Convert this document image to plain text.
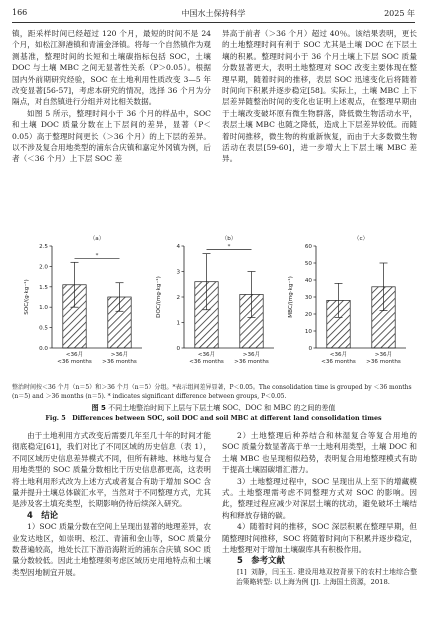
166	中国水土保持科学	2025 年

镇，距采样时间已经超过 120 个月，最短的时间不是 24 个月，如松江泖港镇和青浦金泽镇。将每一个自然镇作为观测基准，整理时间的长短和土壤碳指标包括 SOC，土壤 DOC 与土壤 MBC 之间无显著性关系（P＞0.05）。根据国内外前期研究经验，SOC 在土地利用性质改变 3—5 年改变显著[56-57]，考虑本研究的情况，选择 36 个月为分隔点，对自然镇进行分组并对比相关数据。

如图 5 所示，整理时间小于 36 个月的样品中，SOC 和土壤 DOC 质量分数在上下层间的差异，显著（P＜0.05）高于整理时间更长（＞36 个月）的上下层的差异。以不涉及复合用地类型的浦东合庆镇和嘉定外冈镇为例，后者（＜36 个月）上下层 SOC 差

异高于前者（＞36 个月）超过 40％。该结果表明，更长的土地整理时间有利于 SOC 尤其是土壤 DOC 在下层土壤的积累。整理时间小于 36 个月土壤上下层 SOC 质量分数显著更大，表明土地整理对 SOC 改变主要体现在整理早期，随着时间的推移，表层 SOC 迅速变化后将随着时间向下积累并逐步稳定[58]。实际上，土壤 MBC 上下层差异随整治时间的变化也证明上述观点，在整理早期由于土壤改变破坏原有微生物群落，降低微生物活动水平，表层土壤 MBC 也随之降低，造成上下层差异较低。而随着时间推移，微生物的构重新恢复，而由于大多数微生物活动在表层[59-60]，进一步增大上下层土壤 MBC 差异。

（a）
0.0
0.5
1.0
1.5
2.0
2.5
SOC/(g·kg⁻¹)
<36月
<36 months
>36月
>36 months
*
（b）
0
1
2
3
4
DOC/(mg·kg⁻¹)
<36月
<36 months
>36月
>36 months
*
（c）
0
10
20
30
40
50
60
MBC/(mg·kg⁻¹)
<36月
<36 months
>36月
>36 months
整治时间按＜36 个月（n＝5）和＞36 个月（n＝5）分组。*表示组间差异显著，P＜0.05。The consolidation time is grouped by ＜36 months (n＝5) and ＞36 months (n＝5). * indicates significant difference between groups, P＜0.05.
图 5 不同土地整治时间下上层与下层土壤 SOC、DOC 和 MBC 的之间的差值
Fig. 5　Differences between SOC, soil DOC and soil MBC at different land consolidation times

由于土地利用方式改变后需要几年至几十年的时间才能彻底稳定[61]，我们对比了不同区域的历史信息（表 1），不同区域历史信息差异模式不同，但所有耕地、林地与复合用地类型的 SOC 质量分数相比于历史信息都更高，这表明将土地利用形式改为上述方式或者复合有助于增加 SOC 含量并提升土壤总体碳汇水平，当然对于不同整理方式，尤其是涉及客土填充类型，长期影响仍待后续深入研究。

4　结论

1）SOC 质量分数在空间上呈现出显著的地理差异，农业发达地区，如崇明、松江、青浦和金山等，SOC 质量分数普遍较高，地处长江下游沿海附近的浦东合庆镇 SOC 质量分数较低。因此土地整理须考虑区域历史用地特点和土壤类型因地制宜开展。

2）土地整理后种养结合和林湿复合等复合用地的 SOC 质量分数显著高于单一土地利用类型，土壤 DOC 和土壤 MBC 也呈现相似趋势，表明复合用地整理模式有助于提高土壤固碳增汇潜力。

3）土地整理过程中，SOC 呈现出从上至下的增藏模式。土地整理需考虑不同整理方式对 SOC 的影响。因此，整理过程应减少对深层土壤的扰动，避免破坏土壤结构和释放存储的碳。

4）随着时间的推移，SOC 深层积累在整理早期，但随整理时间推移，SOC 将随着时间向下积累并逐步稳定，土地整理对于增加土壤碳库具有积极作用。

5　参考文献

[1] 刘静，闫玉玉. 建设用地双控背景下的农村土地综合整治策略转型: 以上海为例 [J]. 上海国土资源，2018.
